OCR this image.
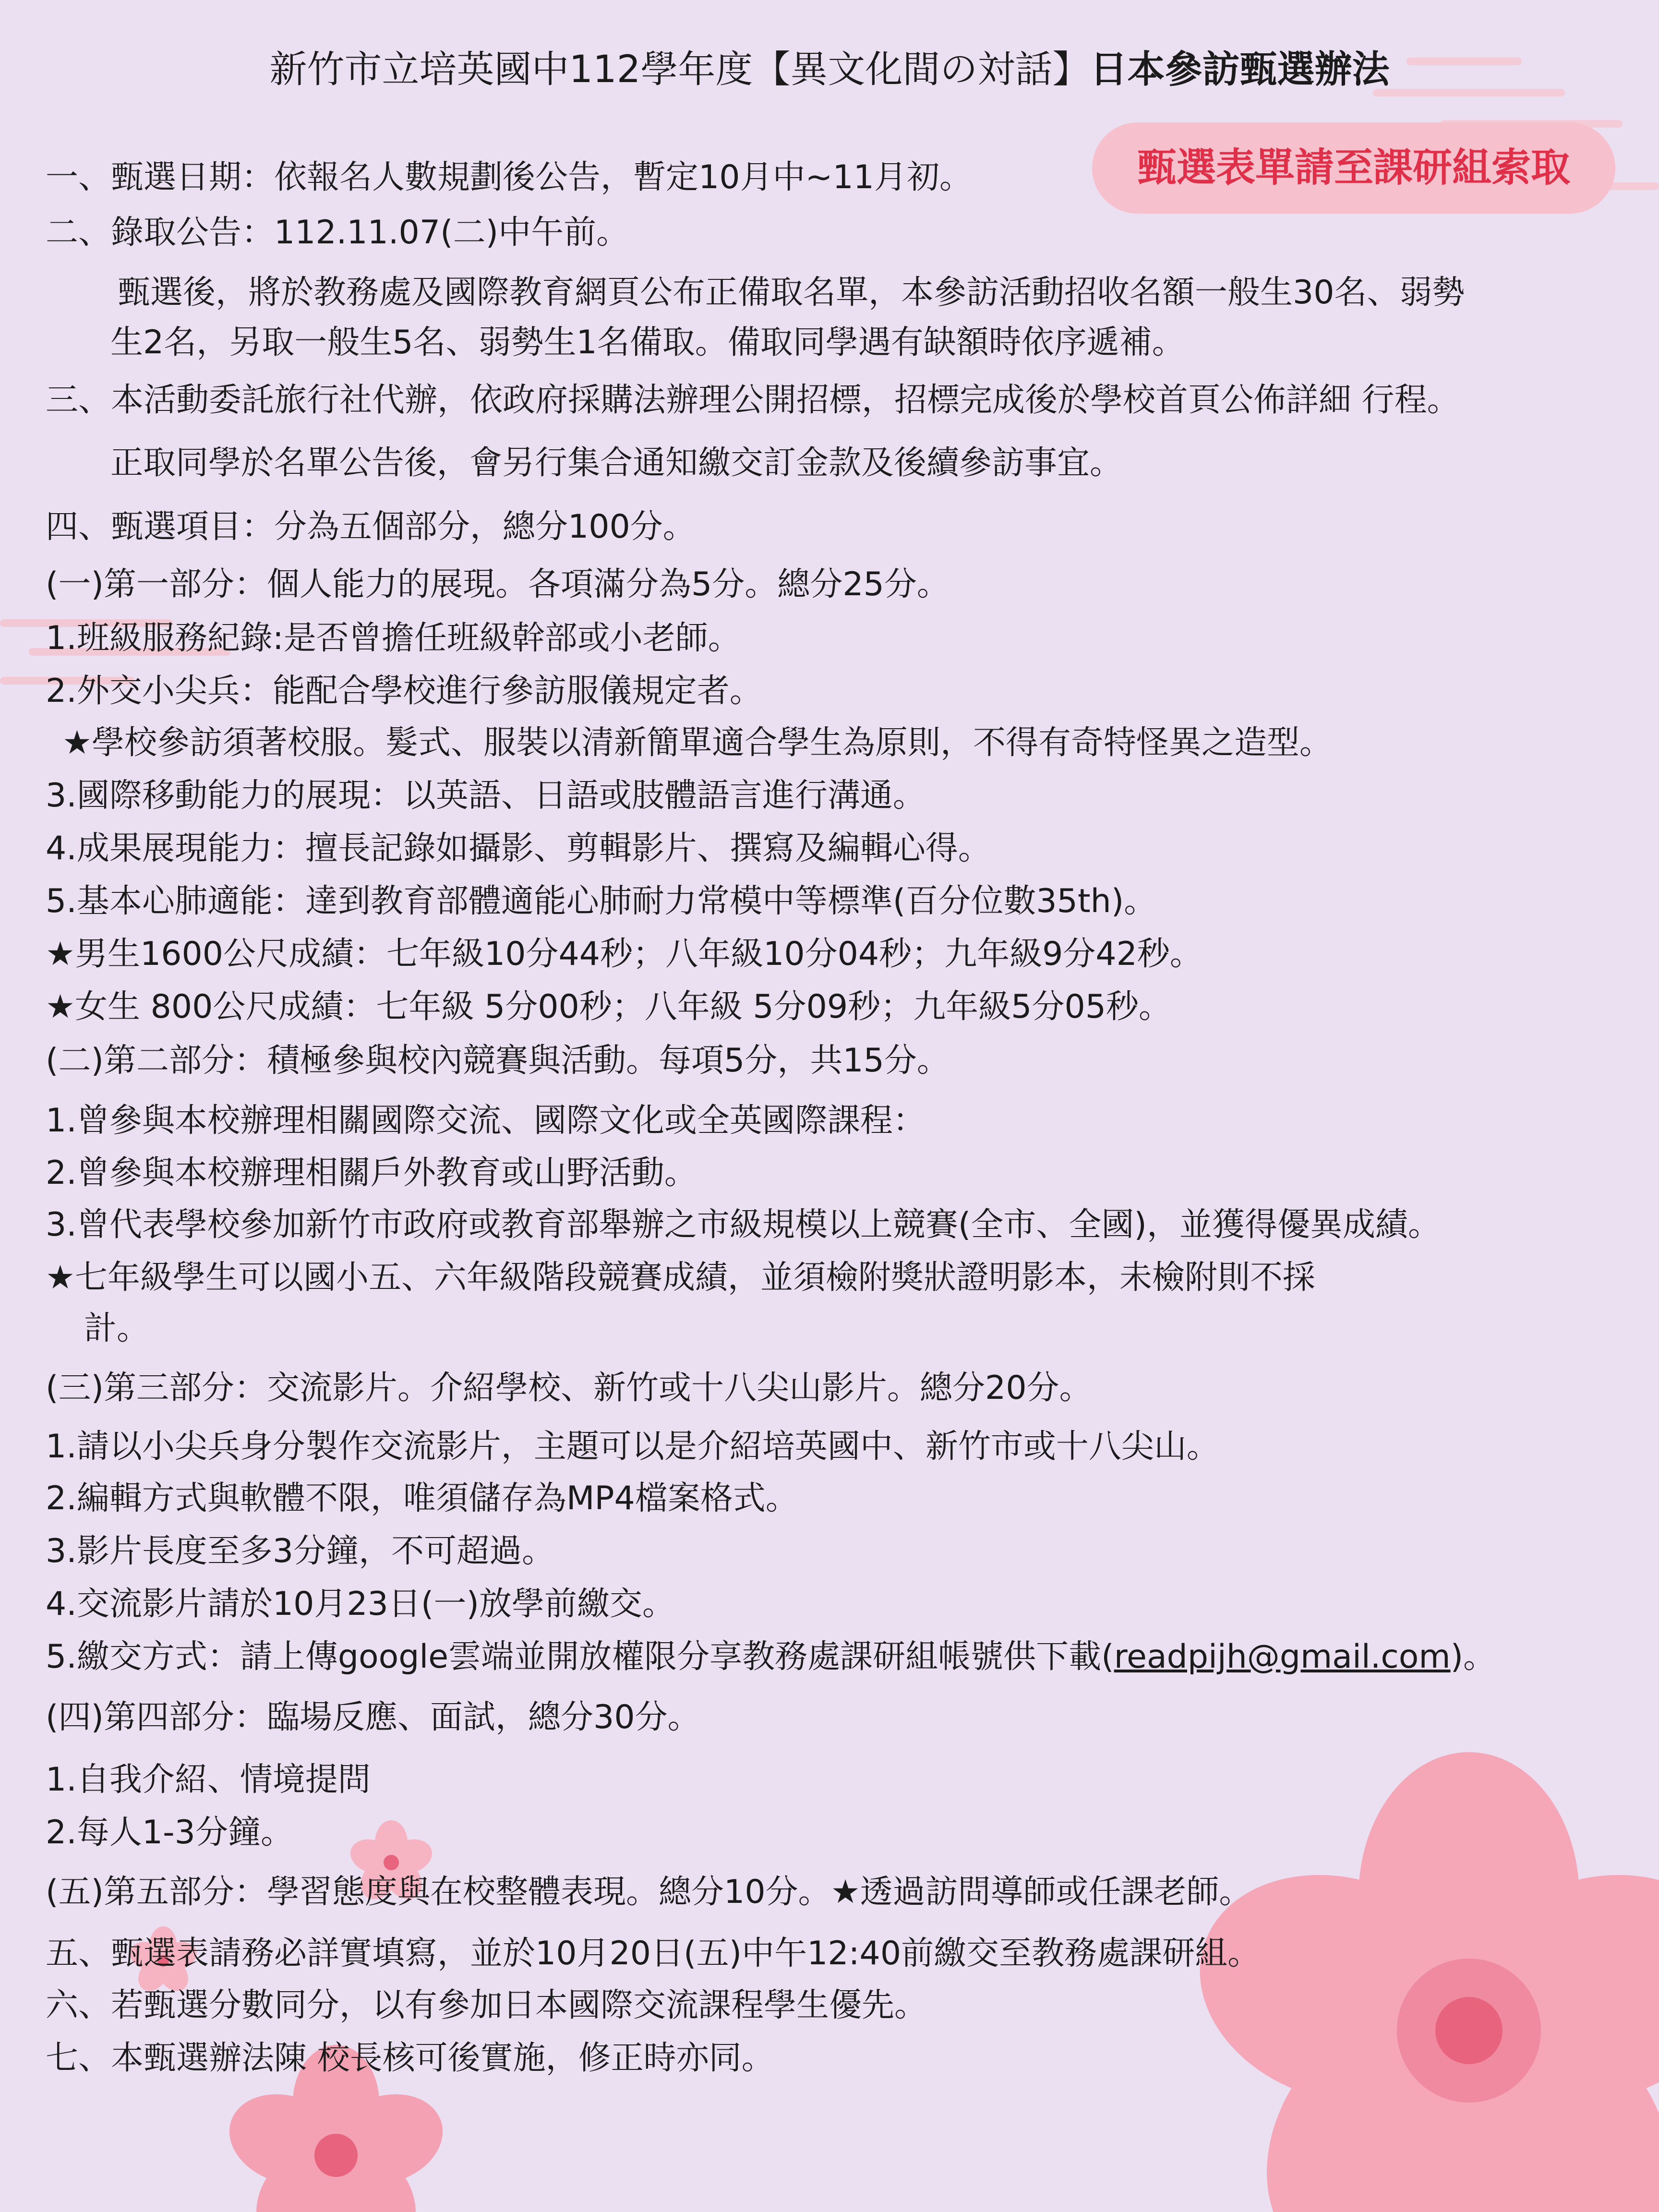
新竹市立培英國中112學年度【異文化間の対話】日本參訪甄選辦法
甄選表單請至課研組索取
一、甄選日期：依報名人數規劃後公告，暫定10月中~11月初。
二、錄取公告：112.11.07(二)中午前。
甄選後，將於教務處及國際教育網頁公布正備取名單，本參訪活動招收名額一般生30名、弱勢
生2名，另取一般生5名、弱勢生1名備取。備取同學遇有缺額時依序遞補。
三、本活動委託旅行社代辦，依政府採購法辦理公開招標，招標完成後於學校首頁公佈詳細 行程。
正取同學於名單公告後，會另行集合通知繳交訂金款及後續參訪事宜。
四、甄選項目：分為五個部分，總分100分。
(一)第一部分：個人能力的展現。各項滿分為5分。總分25分。
1.班級服務紀錄:是否曾擔任班級幹部或小老師。
2.外交小尖兵：能配合學校進行參訪服儀規定者。
★學校參訪須著校服。髮式、服裝以清新簡單適合學生為原則，不得有奇特怪異之造型。
3.國際移動能力的展現：以英語、日語或肢體語言進行溝通。
4.成果展現能力：擅長記錄如攝影、剪輯影片、撰寫及編輯心得。
5.基本心肺適能：達到教育部體適能心肺耐力常模中等標準(百分位數35th)。
★男生1600公尺成績：七年級10分44秒；八年級10分04秒；九年級9分42秒。
★女生 800公尺成績：七年級 5分00秒；八年級 5分09秒；九年級5分05秒。
(二)第二部分：積極參與校內競賽與活動。每項5分，共15分。
1.曾參與本校辦理相關國際交流、國際文化或全英國際課程：
2.曾參與本校辦理相關戶外教育或山野活動。
3.曾代表學校參加新竹市政府或教育部舉辦之市級規模以上競賽(全市、全國)，並獲得優異成績。
★七年級學生可以國小五、六年級階段競賽成績，並須檢附獎狀證明影本，未檢附則不採
計。
(三)第三部分：交流影片。介紹學校、新竹或十八尖山影片。總分20分。
1.請以小尖兵身分製作交流影片，主題可以是介紹培英國中、新竹市或十八尖山。
2.編輯方式與軟體不限，唯須儲存為MP4檔案格式。
3.影片長度至多3分鐘，不可超過。
4.交流影片請於10月23日(一)放學前繳交。
5.繳交方式：請上傳google雲端並開放權限分享教務處課研組帳號供下載(readpijh@gmail.com)。
(四)第四部分：臨場反應、面試，總分30分。
1.自我介紹、情境提問
2.每人1-3分鐘。
(五)第五部分：學習態度與在校整體表現。總分10分。★透過訪問導師或任課老師。
五、甄選表請務必詳實填寫，並於10月20日(五)中午12:40前繳交至教務處課研組。
六、若甄選分數同分，以有參加日本國際交流課程學生優先。
七、本甄選辦法陳 校長核可後實施，修正時亦同。
